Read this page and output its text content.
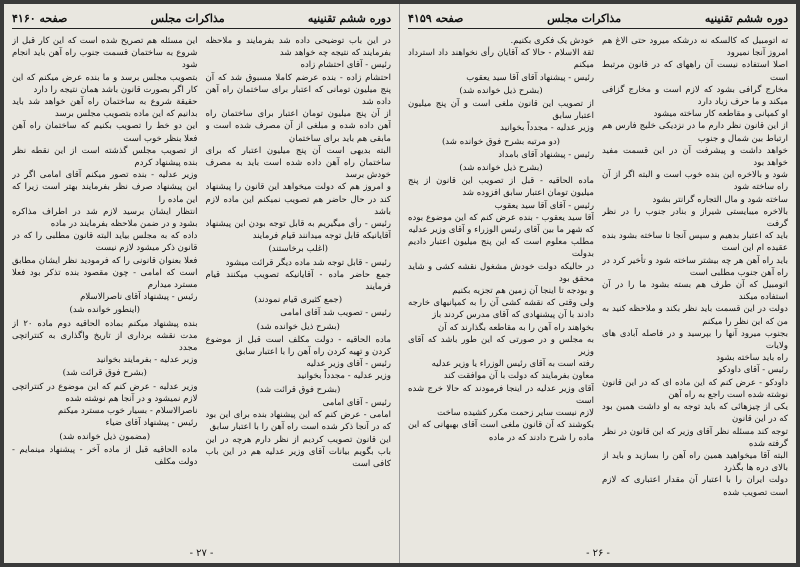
دوره ششم تقنینیه
مذاکرات مجلس
صفحه ۴۱۶۰

در این باب توضیحی داده شد بفرمایند و ملاحظه بفرمایند که نتیجه چه خواهد شد

رئیس - آقای احتشام زاده

احتشام زاده - بنده عرضم کاملا مسبوق شد که آن پنج میلیون تومانی که اعتبار برای ساختمان راه آهن داده شد

از آن پنج میلیون تومان اعتبار برای ساختمان راه آهن داده شده و مبلغی از آن مصرف شده است و مابقی هم باید برای ساختمان

البته بدیهی است آن پنج میلیون اعتبار که برای ساختمان راه آهن داده شده است باید به مصرف خودش برسد

و امروز هم که دولت میخواهد این قانون را پیشنهاد کند در حال حاضر هم تصویب نمیکنم این ماده لازم باشد

رئیس - رأی میگیریم به قابل توجه بودن این پیشنهاد آقایانیکه قابل توجه میدانند قیام فرمایند

(اغلب برخاستند)

رئیس - قابل توجه شد ماده دیگر قرائت میشود

جمع حاضر ماده - آقایانیکه تصویب میکنند قیام فرمایند

(جمع کثیری قیام نمودند)

رئیس - تصویب شد آقای امامی

(بشرح ذیل خوانده شد)

ماده الحاقیه - دولت مکلف است قبل از موضوع کردن و تهیه کردن راه آهن را با اعتبار سابق

رئیس - آقای وزیر عدلیه

وزیر عدلیه - مجدداً بخوانید

(بشرح فوق قرائت شد)

رئیس - آقای امامی

امامی - عرض کنم که این پیشنهاد بنده برای این بود که در آنجا ذکر شده است راه آهن را با اعتبار سابق

این قانون تصویب کردیم از نظر دارم هرچه در این باب بگویم بیانات آقای وزیر عدلیه هم در این باب کافی است

این مسئله هم تصریح شده است که این کار قبل از شروع به ساختمان قسمت جنوب راه آهن باید انجام شود

بتصویب مجلس برسد و ما بنده عرض میکنم که این کار اگر بصورت قانون باشد همان نتیجه را دارد

حقیقة شروع به ساختمان راه آهن خواهد شد باید بدانیم که این ماده بتصویب مجلس برسد

این دو خط را تصویب بکنیم که ساختمان راه آهن فعلا بنظر خوب است

از تصویب مجلس گذشته است از این نقطه نظر بنده پیشنهاد کردم

وزیر عدلیه - بنده تصور میکنم آقای امامی اگر در این پیشنهاد صرف نظر بفرمایند بهتر است زیرا که این ماده را

انتظار ایشان برسید لازم شد در اطراف مذاکره بشود و در ضمن ملاحظه بفرمایند در ماده

داده که به مجلس بیاید البته قانون مطلبی را که در قانون ذکر میشود لازم نیست

فعلا بعنوان قانونی را که فرمودید نظر ایشان مطابق است که امامی - چون مقصود بنده تذکر بود فعلا مسترد میدارم

رئیس - پیشنهاد آقای ناصرالاسلام

(اینطور خوانده شد)

بنده پیشنهاد میکنم بماده الحاقیه دوم ماده ۲۰ از مدت نقشه برداری از تاریخ واگذاری به کنتراتچی مجدد

وزیر عدلیه - بفرمایند بخوانید

(بشرح فوق قرائت شد)

وزیر عدلیه - عرض کنم که این موضوع در کنتراتچی لازم نمیشود و در آنجا هم نوشته شده

ناصرالاسلام - بسیار خوب مسترد میکنم

رئیس - پیشنهاد آقای ضیاء

(مضمون ذیل خوانده شد)

ماده الحاقیه قبل از ماده آخر - پیشنهاد مینمایم - دولت مکلف

- ۲۷ -
دوره ششم تقنینیه
مذاکرات مجلس
صفحه ۴۱۵۹

ته اتومبیل که کالسکه نه درشکه میرود حتی الاغ هم امروز آنجا نمیرود

اصلا استفاده نیست آن راههای که در قانون مرتبط است

مخارج گرافی بشود که لازم است و مخارج گزافی میکند و ما حرف زیاد دارد

او کمپانی و مقاطعه کار ساخته میشود

از این قانون نظر دارم ما در نزدیکی خلیج فارس هم ارتباط بین شمال و جنوب

خواهد داشت و پیشرفت آن در این قسمت مفید خواهد بود

شود و بالاخره این بنده خوب است و البته اگر از آن راه ساخته شود

ساخته شود و مال التجاره گرانتر بشود

بالاخره میبایستی شیراز و بنادر جنوب را در نظر گرفت

باید که اعتبار بدهیم و سپس آنجا تا ساخته بشود بنده عقیده ام این است

باید راه آهن هر چه بیشتر ساخته شود و تأخیر کرد در راه آهن جنوب مطلبی است

اتومبیل که آن طرف هم بسته بشود ما را در آن استفاده میکند

دولت در این قسمت باید نظر بکند و ملاحظه کنید به من که این نظر را میکنم

بجنوب میرود آنها را بپرسید و در فاصله آبادی های ولایات

راه باید ساخته بشود

رئیس - آقای داودکو

داودکو - عرض کنم که این ماده ای که در این قانون نوشته شده است راجع به راه آهن

یکی از چیزهائی که باید توجه به او داشت همین بود که در این قانون

توجه کند مسئله نظر آقای وزیر که این قانون در نظر گرفته شده

البته آقا میخواهید همین راه آهن را بسازید و باید از بالای دره ها بگذرد

دولت ایران را با اعتبار آن مقدار اعتباری که لازم است تصویب شده

خودش یک فکری بکنیم.

ثقة الاسلام - حالا که آقایان رأی نخواهند داد استرداد میکنم

رئیس - پیشنهاد آقای آقا سید یعقوب

(بشرح ذیل خوانده شد)

از تصویب این قانون ملغی است و آن پنج میلیون اعتبار سابق

وزیر عدلیه - مجدداً بخوانید

(دو مرتبه بشرح فوق خوانده شد)

رئیس - پیشنهاد آقای بامداد

(بشرح ذیل خوانده شد)

ماده الحاقیه - قبل از تصویب این قانون از پنج میلیون تومان اعتبار سابق افزوده شد

رئیس - آقای آقا سید یعقوب

آقا سید یعقوب - بنده عرض کنم که این موضوع بوده که شهر ما بین آقای رئیس الوزراء و آقای وزیر عدلیه

مطلب معلوم است که این پنج میلیون اعتبار دادیم بدولت

در حالیکه دولت خودش مشغول نقشه کشی و شاید محقق بود

و بودجه تا اینجا آن زمین هم تجزیه بکنیم

ولی وقتی که نقشه کشی آن را به کمپانیهای خارجه دادند با آن پیشنهادی که آقای مدرس کردند باز

بخواهند راه آهن را به مقاطعه بگذارند که آن

به مجلس و در صورتی که این طور باشد که آقای وزیر

رفته است به آقای رئیس الوزراء یا وزیر عدلیه

معاون بفرمایند که دولت با آن موافقت کند

آقای وزیر عدلیه در اینجا فرمودند که حالا خرج شده است

لازم نیست سایر زحمت مکرر کشیده ساخت

بکوشند که آن قانون ملغی است آقای بهبهانی که این ماده را شرح دادند که در ماده

- ۲۶ -
